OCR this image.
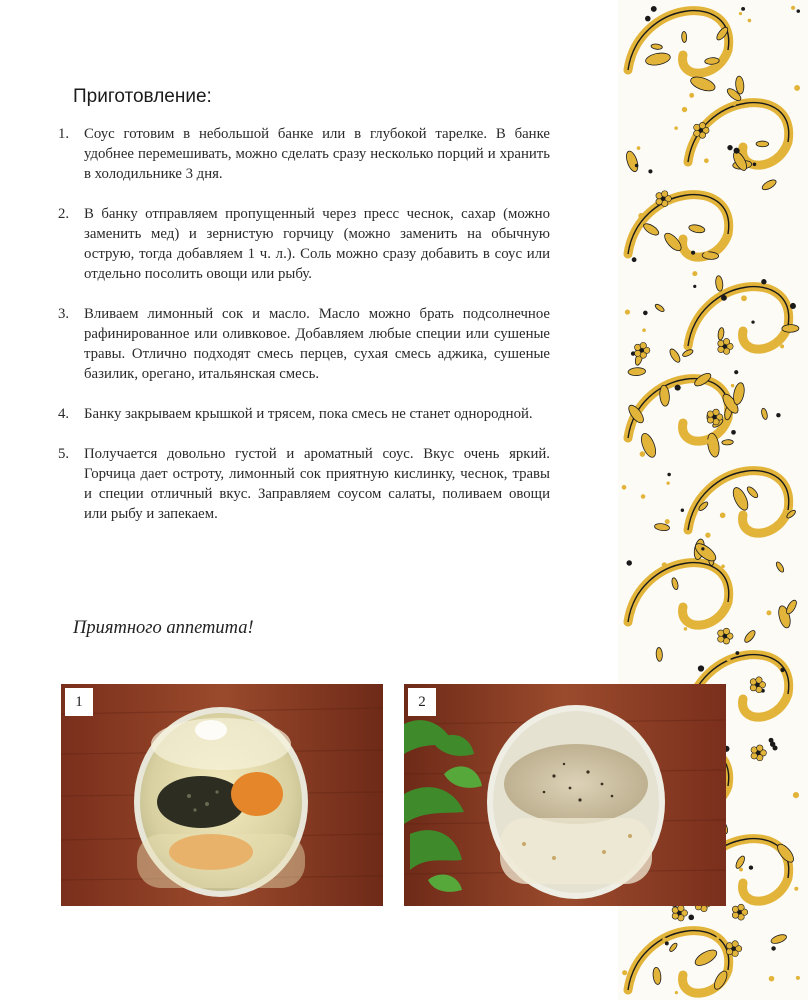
Приготовление:
1. Соус готовим в небольшой банке или в глубокой тарелке. В банке удобнее перемешивать, можно сделать сразу несколько порций и хранить в холодильнике 3 дня.
2. В банку отправляем пропущенный через пресс чеснок, сахар (можно заменить мед) и зернистую горчицу (можно заменить на обычную острую, тогда добавляем 1 ч. л.). Соль можно сразу добавить в соус или отдельно посолить овощи или рыбу.
3. Вливаем лимонный сок и масло. Масло можно брать подсолнечное рафинированное или оливковое. Добавляем любые специи или сушеные травы. Отлично подходят смесь перцев, сухая смесь аджика, сушеные базилик, орегано, итальянская смесь.
4. Банку закрываем крышкой и трясем, пока смесь не станет однородной.
5. Получается довольно густой и ароматный соус. Вкус очень яркий. Горчица дает остроту, лимонный сок приятную кислинку, чеснок, травы и специи отличный вкус. Заправляем соусом салаты, поливаем овощи или рыбу и запекаем.
Приятного аппетита!
1	2
